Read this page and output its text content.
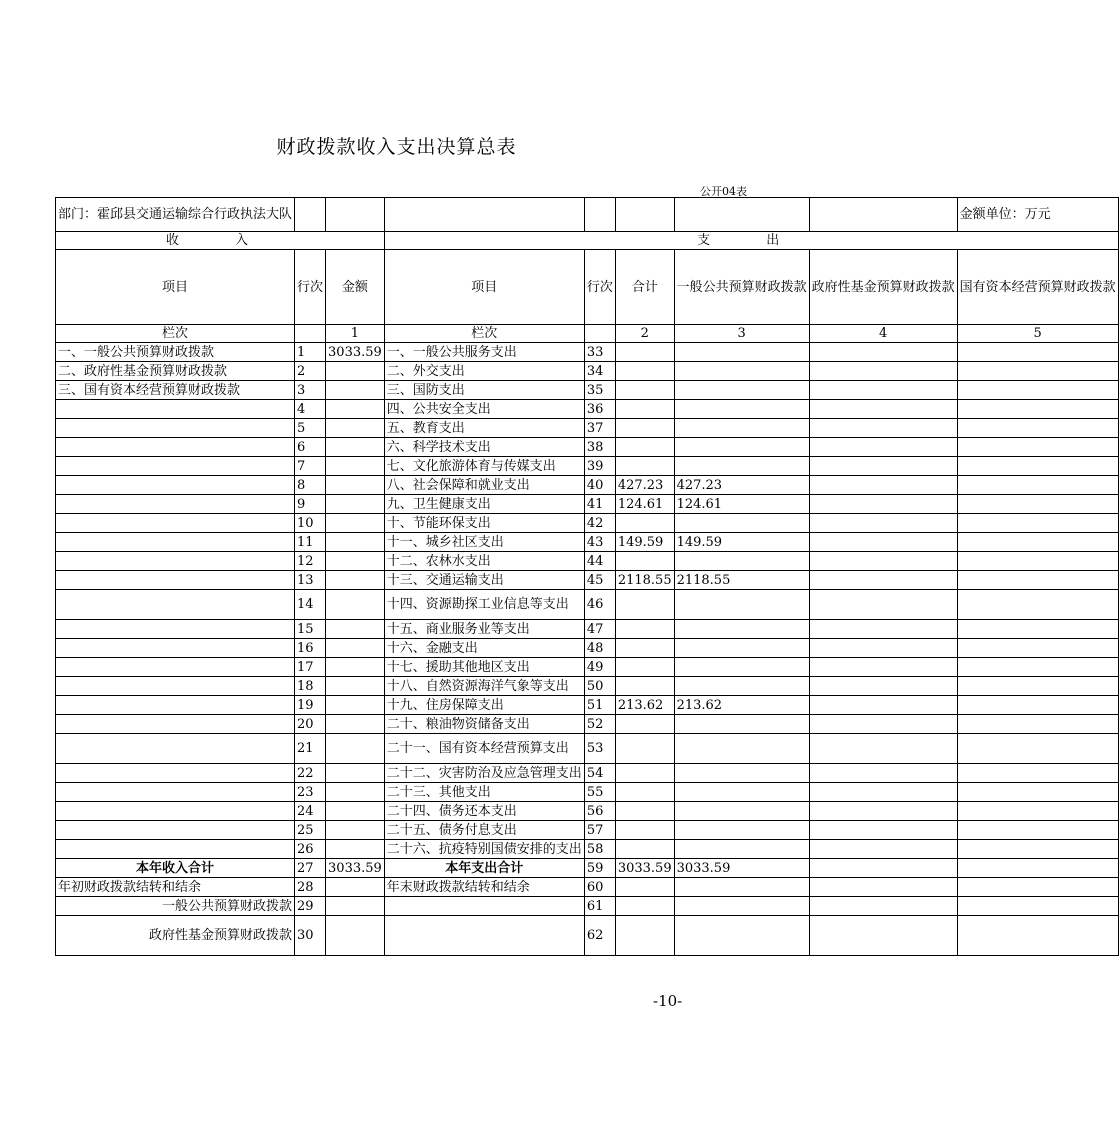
财政拨款收入支出决算总表
公开04表
部门：霍邱县交通运输综合行政执法大队								金额单位：万元
收 入			支 出					
项目	行次	金额	项目	行次	合计	一般公共预算财政拨款	政府性基金预算财政拨款	国有资本经营预算财政拨款
栏次		1	栏次		2	3	4	5
一、一般公共预算财政拨款	1	3033.59	一、一般公共服务支出	33				
二、政府性基金预算财政拨款	2		二、外交支出	34				
三、国有资本经营预算财政拨款	3		三、国防支出	35				
	4		四、公共安全支出	36				
	5		五、教育支出	37				
	6		六、科学技术支出	38				
	7		七、文化旅游体育与传媒支出	39				
	8		八、社会保障和就业支出	40	427.23	427.23		
	9		九、卫生健康支出	41	124.61	124.61		
	10		十、节能环保支出	42				
	11		十一、城乡社区支出	43	149.59	149.59		
	12		十二、农林水支出	44				
	13		十三、交通运输支出	45	2118.55	2118.55		
	14		十四、资源勘探工业信息等支出	46				
	15		十五、商业服务业等支出	47				
	16		十六、金融支出	48				
	17		十七、援助其他地区支出	49				
	18		十八、自然资源海洋气象等支出	50				
	19		十九、住房保障支出	51	213.62	213.62		
	20		二十、粮油物资储备支出	52				
	21		二十一、国有资本经营预算支出	53				
	22		二十二、灾害防治及应急管理支出	54				
	23		二十三、其他支出	55				
	24		二十四、债务还本支出	56				
	25		二十五、债务付息支出	57				
	26		二十六、抗疫特别国债安排的支出	58				
本年收入合计	27	3033.59	本年支出合计	59	3033.59	3033.59		
年初财政拨款结转和结余	28		年末财政拨款结转和结余	60				
一般公共预算财政拨款	29			61				
政府性基金预算财政拨款	30			62				
-10-
